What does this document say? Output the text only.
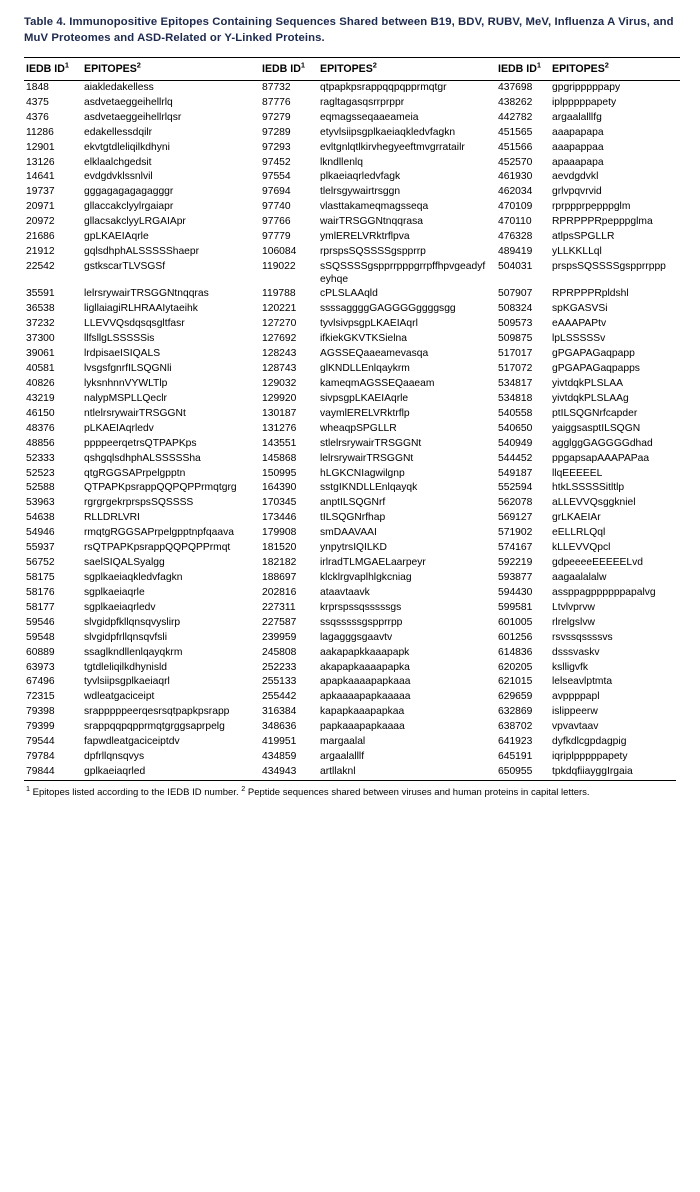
Table 4. Immunopositive Epitopes Containing Sequences Shared between B19, BDV, RUBV, MeV, Influenza A Virus, and MuV Proteomes and ASD-Related or Y-Linked Proteins.

IEDB $ID^1$	EPITOPES$^2$		IEDB $ID^1$	EPITOPES$^2$		IEDB $ID^1$	EPITOPES$^2$
1848	aiakledakelless		87732	qtpapkpsrappqqpqpprmqtgr		437698	gpgripppppapy
4375	asdvetaeggeihellrlq		87776	ragltagasqsrrprppr		438262	iplpppppapety
4376	asdvetaeggeihellrlqsr		97279	eqmagsseqaaeameia		442782	argaalalllfg
11286	edakellessdqilr		97289	etyvlsiipsgplkaeiaqkledvfagkn		451565	aaapapapa
12901	ekvtgtdleliqilkdhyni		97293	evltgnlqtlkirvhegyeeftmvgrratailr		451566	aaapappaa
13126	elklaalchgedsit		97452	lkndllenlq		452570	apaaapapa
14641	evdgdvklssnlvil		97554	plkaeiaqrledvfagk		461930	aevdgdvkl
19737	gggagagagagagggr		97694	tlelrsgywairtrsggn		462034	grlvpqvrvid
20971	gllaccakclyylrgaiapr		97740	vlasttakameqmagsseqa		470109	rprppprpepppglm
20972	gllacsakclyyLRGAIApr		97766	wairTRSGGNtnqqrasa		470110	RPRPPPRpepppglma
21686	gpLKAEIAqrle		97779	ymlERELVRktrflpva		476328	atlpsSPGLLR
21912	gqlsdhphALSSSSShaepr		106084	rprspsSQSSSSgspprrp		489419	yLLKKLLql
22542	gstkscarTLVSGSf		119022	sSQSSSSgspprrpppgrrpffhpvgeadyfeyhqe		504031	prspsSQSSSSgspprrppp
35591	lelrsrywairTRSGGNtnqqras		119788	cPLSLAAqld		507907	RPRPPPRpldshl
36538	ligllaiagiRLHRAAIytaeihk		120221	ssssaggggGAGGGGggggsgg		508324	spKGASVSi
37232	LLEVVQsdqsqsgltfasr		127270	tyvlsivpsgpLKAEIAqrl		509573	eAAAPAPtv
37300	llfsllgLSSSSSis		127692	ifkiekGKVTKSielna		509875	lpLSSSSSv
39061	lrdpisaeISIQALS		128243	AGSSEQaaeamevasqa		517017	gPGAPAGaqpapp
40581	lvsgsfgnrfILSQGNli		128743	glKNDLLEnlqaykrm		517072	gPGAPAGaqpapps
40826	lyksnhnnVYWLTlp		129032	kameqmAGSSEQaaeam		534817	yivtdqkPLSLAA
43219	nalypMSPLLQeclr		129920	sivpsgpLKAEIAqrle		534818	yivtdqkPLSLAAg
46150	ntlelrsrywairTRSGGNt		130187	vaymlERELVRktrflp		540558	ptILSQGNrfcapder
48376	pLKAEIAqrledv		131276	wheaqpSPGLLR		540650	yaiggsasptILSQGN
48856	ppppeerqetrsQTPAPKps		143551	stlelrsrywairTRSGGNt		540949	agglggGAGGGGdhad
52333	qshgqlsdhphALSSSSSha		145868	lelrsrywairTRSGGNt		544452	ppgapsapAAAPAPaa
52523	qtgRGGSAPrpelgpptn		150995	hLGKCNIagwilgnp		549187	llqEEEEEL
52588	QTPAPKpsrappQQPQPPrmqtgrg		164390	sstgIKNDLLEnlqayqk		552594	htkLSSSSSitltlp
53963	rgrgrgekrprspsSQSSSS		170345	anptILSQGNrf		562078	aLLEVVQsggkniel
54638	RLLDRLVRI		173446	tILSQGNrfhap		569127	grLKAEIAr
54946	rmqtgRGGSAPrpelgpptnpfqaava		179908	smDAAVAAI		571902	eELLRLQql
55937	rsQTPAPKpsrappQQPQPPrmqt		181520	ynpytrsIQILKD		574167	kLLEVVQpcl
56752	saelSIQALSyalgg		182182	irlradTLMGAELaarpeyr		592219	gdpeeeeEEEEELvd
58175	sgplkaeiaqkledvfagkn		188697	klcklrgvaplhlgkcniag		593877	aagaalalalw
58176	sgplkaeiaqrle		202816	ataavtaavk		594430	assppagppppppapalvg
58177	sgplkaeiaqrledv		227311	krprspssqsssssgs		599581	Ltvlvprvw
59546	slvgidpfkllqnsqvyslirp		227587	ssqsssssgspprrpp		601005	rlrelgslvw
59548	slvgidpfrllqnsqvfsli		239959	lagagggsgaavtv		601256	rsvssqssssvs
60889	ssaglkndllenlqayqkrm		245808	aakapapkkaaapapk		614836	dsssvaskv
63973	tgtdleliqilkdhynisld		252233	akapapkaaaapapka		620205	kslligvfk
67496	tyvlsiipsgplkaeiaqrl		255133	apapkaaaapapkaaa		621015	lelseavlptmta
72315	wdleatgaciceipt		255442	apkaaaapapkaaaaa		629659	avppppapl
79398	srapppppeerqesrsqtpapkpsrapp		316384	kapapkaaapapkaa		632869	islippeerw
79399	srappqqpqpprmqtgrggsaprpelg		348636	papkaaapapkaaaa		638702	vpvavtaav
79544	fapwdleatgaciceiptdv		419951	margaalal		641923	dyfkdlcgpdagpig
79784	dpfrllqnsqvys		434859	argaalalllf		645191	iqriplpppppapety
79844	gplkaeiaqrled		434943	artllaknl		650955	tpkdqfiiayggIrgaia

$^1$ Epitopes listed according to the IEDB ID number. $^2$ Peptide sequences shared between viruses and human proteins in capital letters.
